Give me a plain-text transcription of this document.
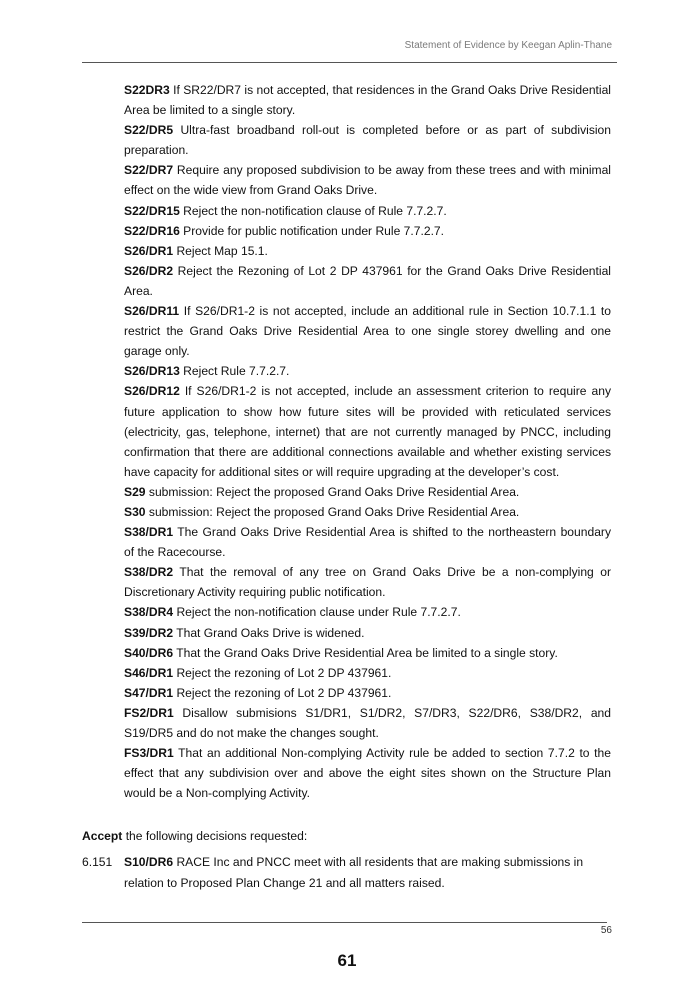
Statement of Evidence by Keegan Aplin-Thane

S22DR3 If SR22/DR7 is not accepted, that residences in the Grand Oaks Drive Residential Area be limited to a single story.

S22/DR5 Ultra-fast broadband roll-out is completed before or as part of subdivision preparation.

S22/DR7 Require any proposed subdivision to be away from these trees and with minimal effect on the wide view from Grand Oaks Drive.

S22/DR15 Reject the non-notification clause of Rule 7.7.2.7.

S22/DR16 Provide for public notification under Rule 7.7.2.7.

S26/DR1 Reject Map 15.1.

S26/DR2 Reject the Rezoning of Lot 2 DP 437961 for the Grand Oaks Drive Residential Area.

S26/DR11 If S26/DR1-2 is not accepted, include an additional rule in Section 10.7.1.1 to restrict the Grand Oaks Drive Residential Area to one single storey dwelling and one garage only.

S26/DR13 Reject Rule 7.7.2.7.

S26/DR12 If S26/DR1-2 is not accepted, include an assessment criterion to require any future application to show how future sites will be provided with reticulated services (electricity, gas, telephone, internet) that are not currently managed by PNCC, including confirmation that there are additional connections available and whether existing services have capacity for additional sites or will require upgrading at the developer’s cost.

S29 submission: Reject the proposed Grand Oaks Drive Residential Area.

S30 submission: Reject the proposed Grand Oaks Drive Residential Area.

S38/DR1 The Grand Oaks Drive Residential Area is shifted to the northeastern boundary of the Racecourse.

S38/DR2 That the removal of any tree on Grand Oaks Drive be a non-complying or Discretionary Activity requiring public notification.

S38/DR4 Reject the non-notification clause under Rule 7.7.2.7.

S39/DR2 That Grand Oaks Drive is widened.

S40/DR6 That the Grand Oaks Drive Residential Area be limited to a single story.

S46/DR1 Reject the rezoning of Lot 2 DP 437961.

S47/DR1 Reject the rezoning of Lot 2 DP 437961.

FS2/DR1 Disallow submisions S1/DR1, S1/DR2, S7/DR3, S22/DR6, S38/DR2, and S19/DR5 and do not make the changes sought.

FS3/DR1 That an additional Non-complying Activity rule be added to section 7.7.2 to the effect that any subdivision over and above the eight sites shown on the Structure Plan would be a Non-complying Activity.

Accept the following decisions requested:
6.151 S10/DR6 RACE Inc and PNCC meet with all residents that are making submissions in relation to Proposed Plan Change 21 and all matters raised.
56
61
